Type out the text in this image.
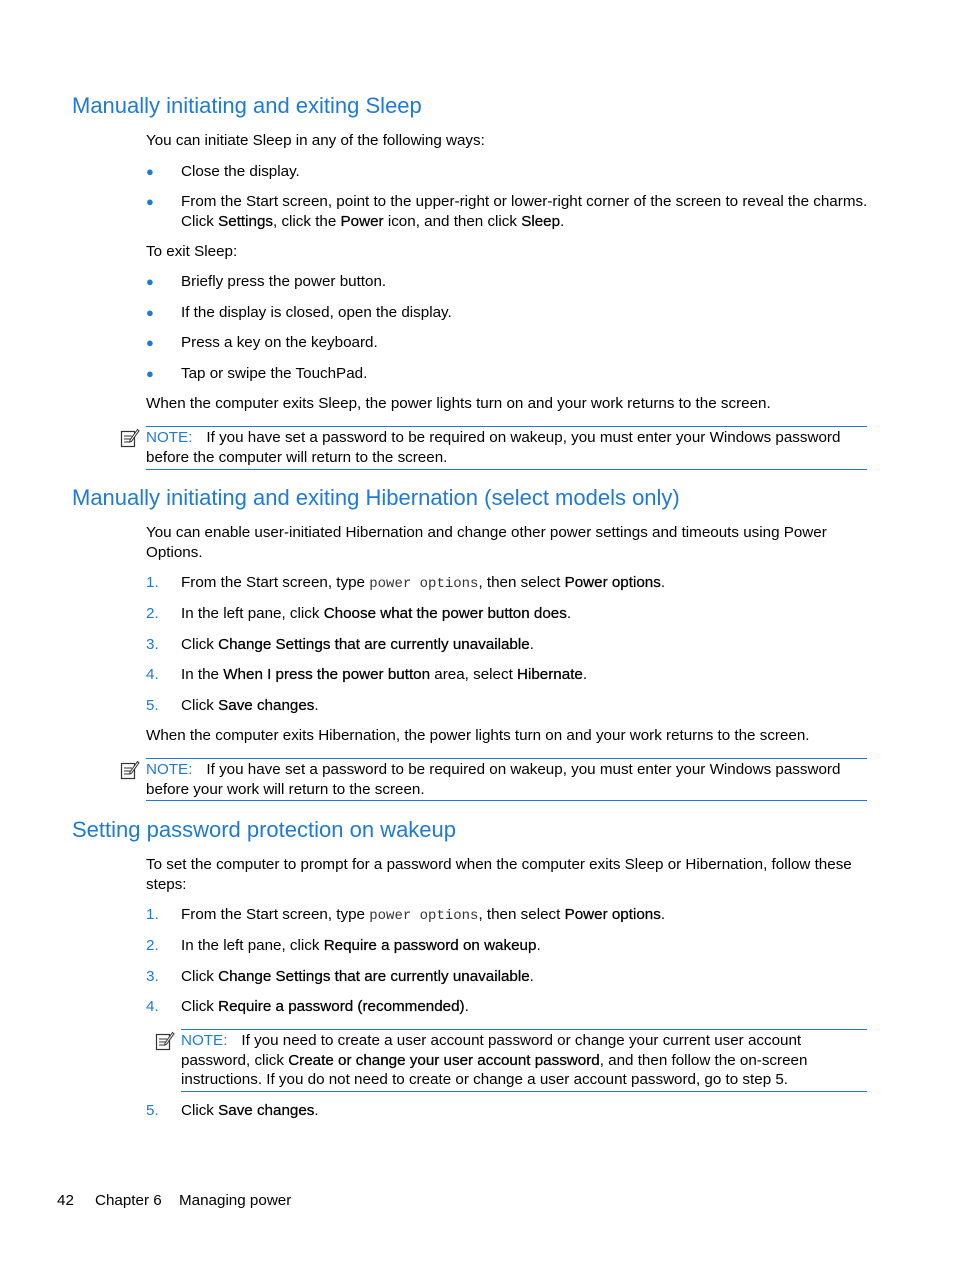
Manually initiating and exiting Sleep

You can initiate Sleep in any of the following ways:

● Close the display.

● From the Start screen, point to the upper-right or lower-right corner of the screen to reveal the charms. Click Settings, click the Power icon, and then click Sleep.

To exit Sleep:

● Briefly press the power button.

● If the display is closed, open the display.

● Press a key on the keyboard.

● Tap or swipe the TouchPad.

When the computer exits Sleep, the power lights turn on and your work returns to the screen.

NOTE: If you have set a password to be required on wakeup, you must enter your Windows password before the computer will return to the screen.

Manually initiating and exiting Hibernation (select models only)

You can enable user-initiated Hibernation and change other power settings and timeouts using Power Options.

1.	From the Start screen, type power options, then select Power options.

2.	In the left pane, click Choose what the power button does.

3.	Click Change Settings that are currently unavailable.

4.	In the When I press the power button area, select Hibernate.

5.	Click Save changes.

When the computer exits Hibernation, the power lights turn on and your work returns to the screen.

NOTE: If you have set a password to be required on wakeup, you must enter your Windows password before your work will return to the screen.

Setting password protection on wakeup

To set the computer to prompt for a password when the computer exits Sleep or Hibernation, follow these steps:

1.	From the Start screen, type power options, then select Power options.

2.	In the left pane, click Require a password on wakeup.

3.	Click Change Settings that are currently unavailable.

4.	Click Require a password (recommended).

NOTE: If you need to create a user account password or change your current user account password, click Create or change your user account password, and then follow the on-screen instructions. If you do not need to create or change a user account password, go to step 5.

5.	Click Save changes.

42 Chapter 6 Managing power
